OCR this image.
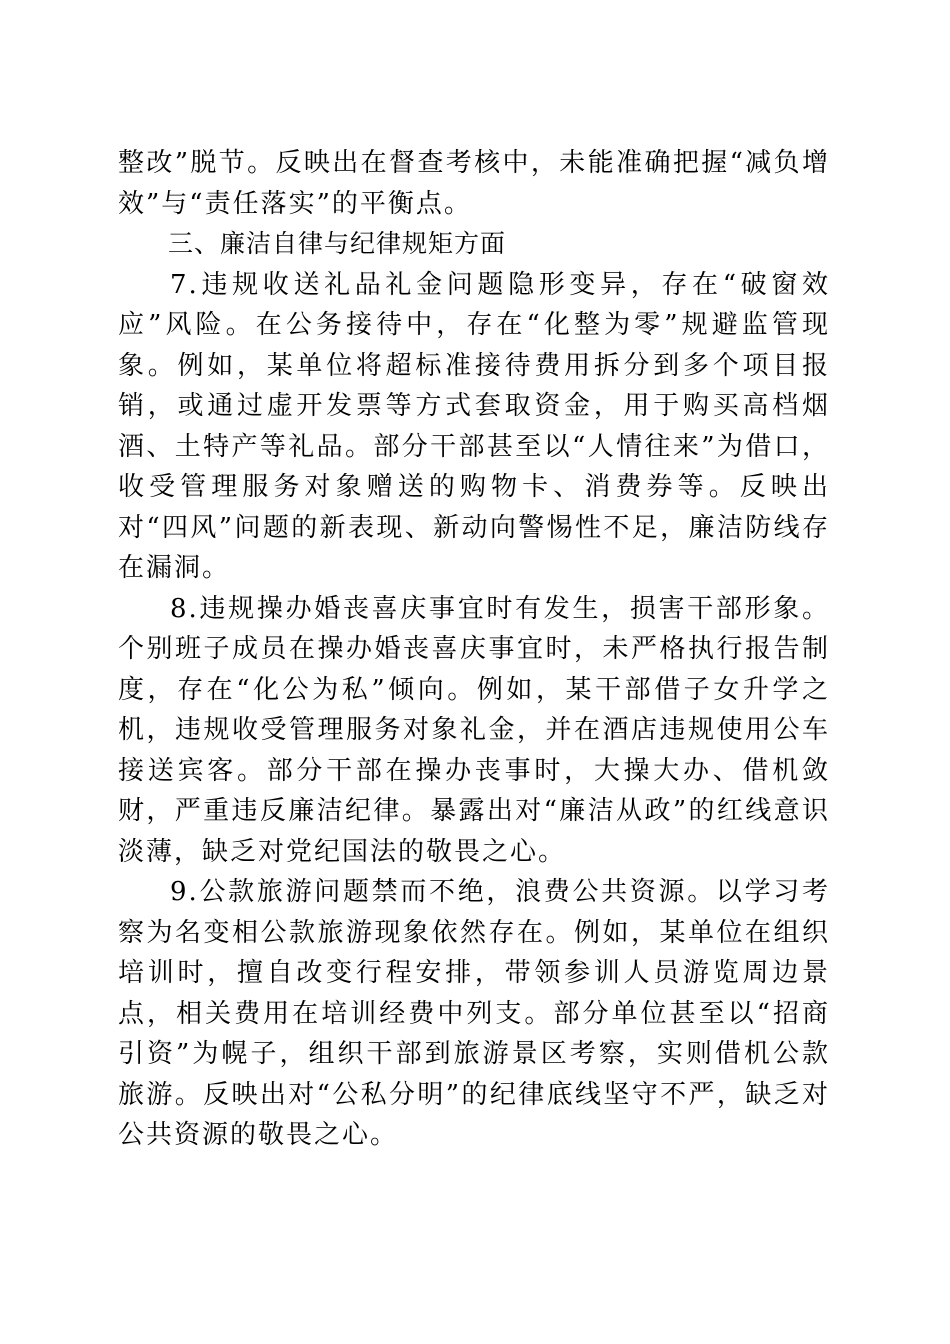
整改”脱节。反映出在督查考核中，未能准确把握“减负增效”与“责任落实”的平衡点。

三、廉洁自律与纪律规矩方面

7.违规收送礼品礼金问题隐形变异，存在“破窗效应”风险。在公务接待中，存在“化整为零”规避监管现象。例如，某单位将超标准接待费用拆分到多个项目报销，或通过虚开发票等方式套取资金，用于购买高档烟酒、土特产等礼品。部分干部甚至以“人情往来”为借口，收受管理服务对象赠送的购物卡、消费券等。反映出对“四风”问题的新表现、新动向警惕性不足，廉洁防线存在漏洞。

8.违规操办婚丧喜庆事宜时有发生，损害干部形象。个别班子成员在操办婚丧喜庆事宜时，未严格执行报告制度，存在“化公为私”倾向。例如，某干部借子女升学之机，违规收受管理服务对象礼金，并在酒店违规使用公车接送宾客。部分干部在操办丧事时，大操大办、借机敛财，严重违反廉洁纪律。暴露出对“廉洁从政”的红线意识淡薄，缺乏对党纪国法的敬畏之心。

9.公款旅游问题禁而不绝，浪费公共资源。以学习考察为名变相公款旅游现象依然存在。例如，某单位在组织培训时，擅自改变行程安排，带领参训人员游览周边景点，相关费用在培训经费中列支。部分单位甚至以“招商引资”为幌子，组织干部到旅游景区考察，实则借机公款旅游。反映出对“公私分明”的纪律底线坚守不严，缺乏对公共资源的敬畏之心。
